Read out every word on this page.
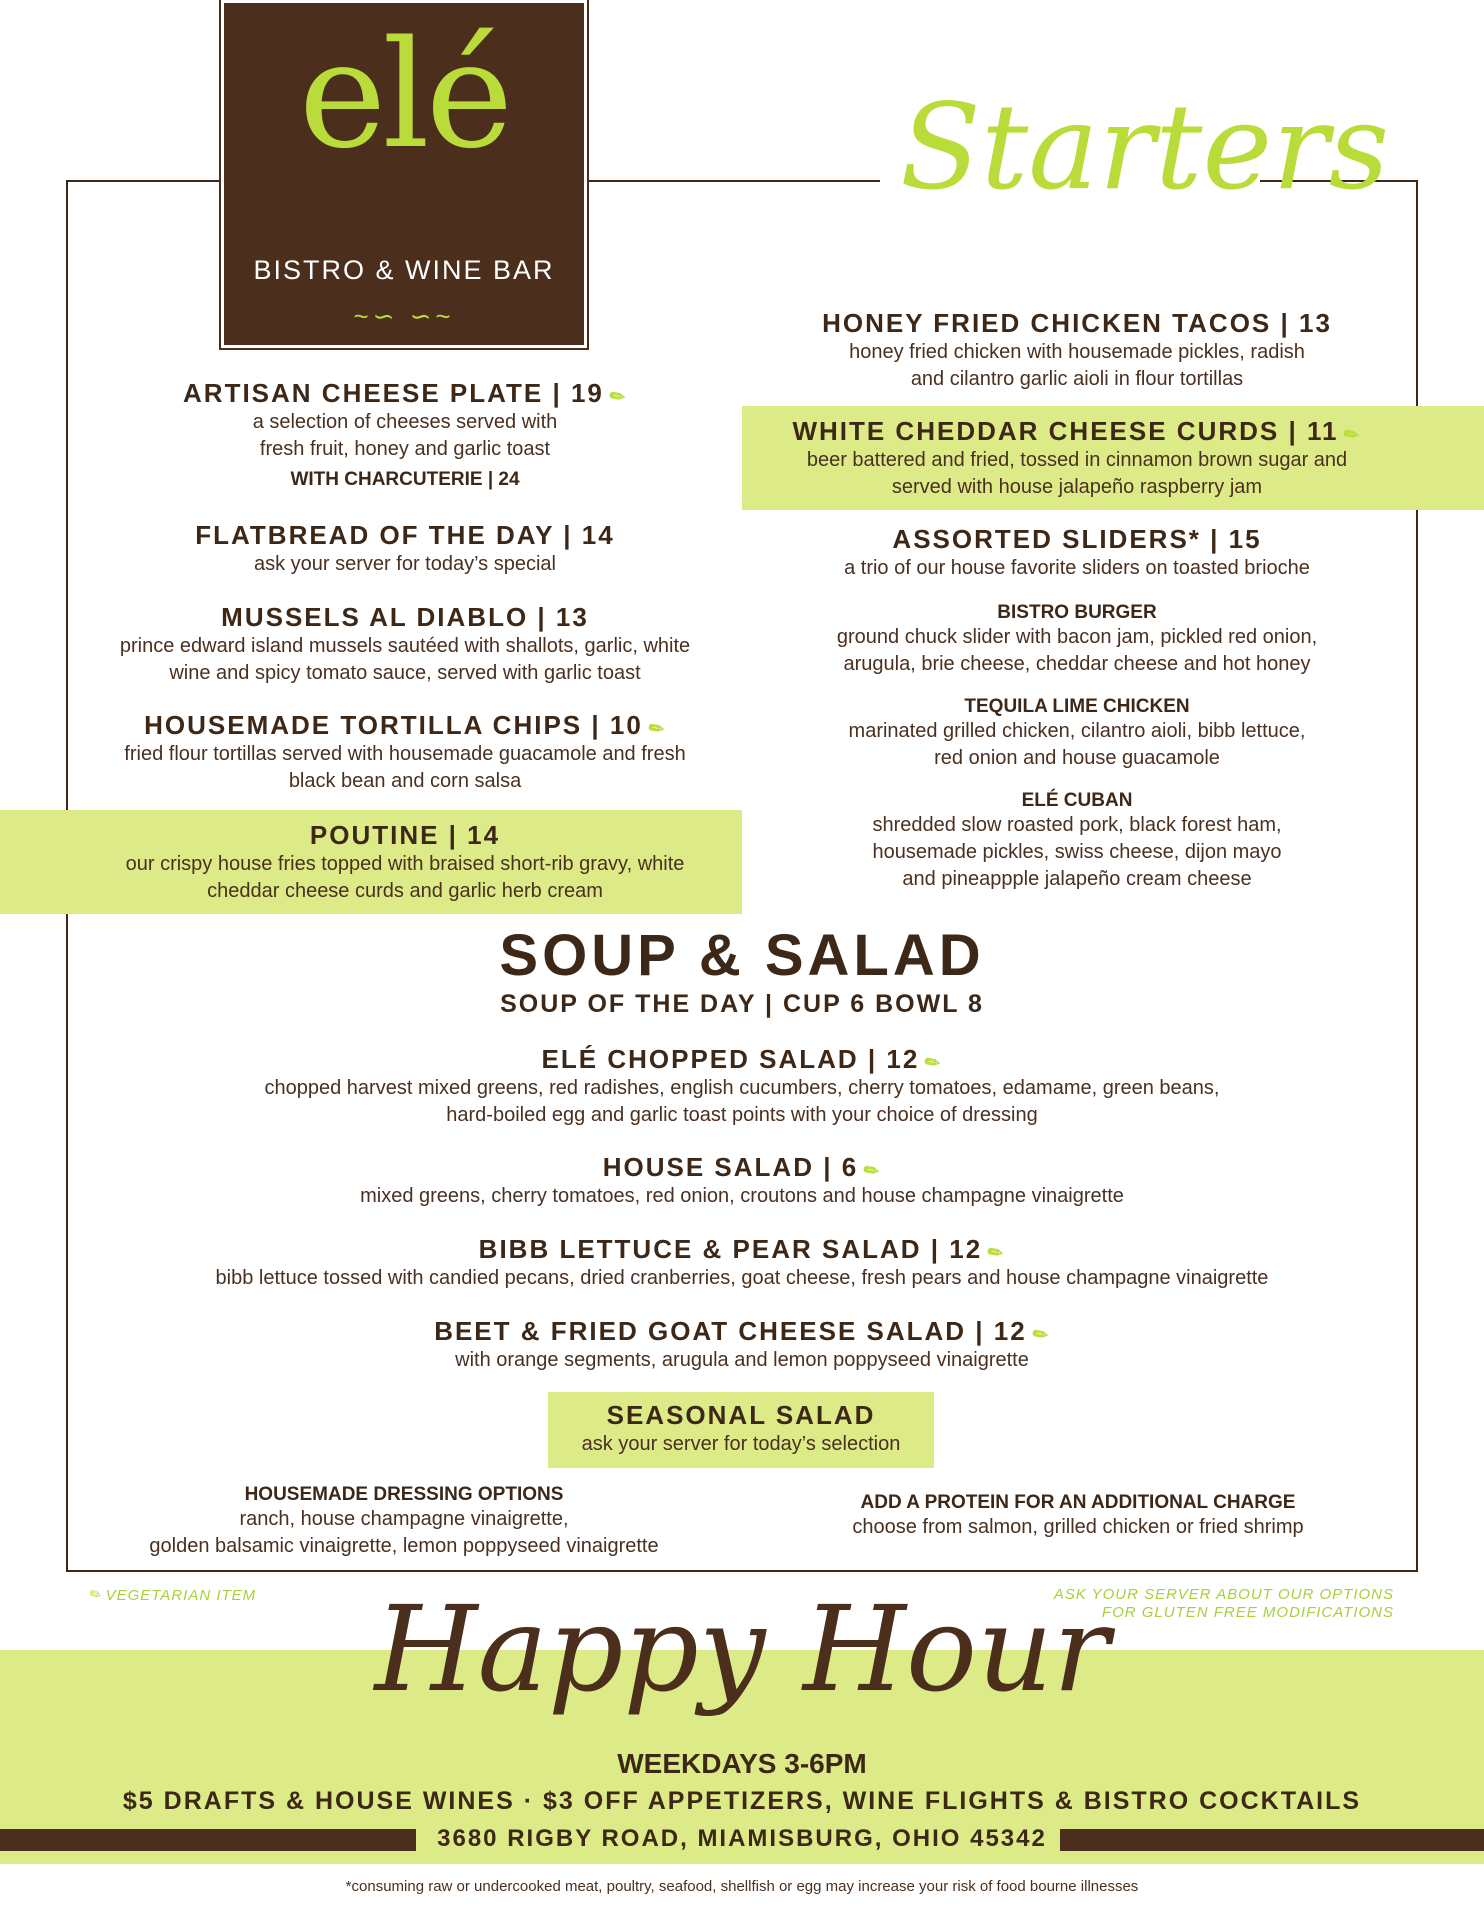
elé
BISTRO & WINE BAR
~∽ ∽~
Starters
ARTISAN CHEESE PLATE | 19✎
a selection of cheeses served with
fresh fruit, honey and garlic toast
WITH CHARCUTERIE | 24
FLATBREAD OF THE DAY | 14
ask your server for today’s special
MUSSELS AL DIABLO | 13
prince edward island mussels sautéed with shallots, garlic, white
wine and spicy tomato sauce, served with garlic toast
HOUSEMADE TORTILLA CHIPS | 10✎
fried flour tortillas served with housemade guacamole and fresh
black bean and corn salsa
POUTINE | 14
our crispy house fries topped with braised short-rib gravy, white
cheddar cheese curds and garlic herb cream
HONEY FRIED CHICKEN TACOS | 13
honey fried chicken with housemade pickles, radish
and cilantro garlic aioli in flour tortillas
WHITE CHEDDAR CHEESE CURDS | 11✎
beer battered and fried, tossed in cinnamon brown sugar and
served with house jalapeño raspberry jam
ASSORTED SLIDERS* | 15
a trio of our house favorite sliders on toasted brioche
BISTRO BURGER
ground chuck slider with bacon jam, pickled red onion,
arugula, brie cheese, cheddar cheese and hot honey
TEQUILA LIME CHICKEN
marinated grilled chicken, cilantro aioli, bibb lettuce,
red onion and house guacamole
ELÉ CUBAN
shredded slow roasted pork, black forest ham,
housemade pickles, swiss cheese, dijon mayo
and pineappple jalapeño cream cheese
SOUP & SALAD
SOUP OF THE DAY | CUP 6 BOWL 8
ELÉ CHOPPED SALAD | 12✎
chopped harvest mixed greens, red radishes, english cucumbers, cherry tomatoes, edamame, green beans,
hard-boiled egg and garlic toast points with your choice of dressing
HOUSE SALAD | 6✎
mixed greens, cherry tomatoes, red onion, croutons and house champagne vinaigrette
BIBB LETTUCE & PEAR SALAD | 12✎
bibb lettuce tossed with candied pecans, dried cranberries, goat cheese, fresh pears and house champagne vinaigrette
BEET & FRIED GOAT CHEESE SALAD | 12✎
with orange segments, arugula and lemon poppyseed vinaigrette
SEASONAL SALAD
ask your server for today’s selection
HOUSEMADE DRESSING OPTIONS
ranch, house champagne vinaigrette,
golden balsamic vinaigrette, lemon poppyseed vinaigrette
ADD A PROTEIN FOR AN ADDITIONAL CHARGE
choose from salmon, grilled chicken or fried shrimp
✎VEGETARIAN ITEM	ASK YOUR SERVER ABOUT OUR OPTIONS
FOR GLUTEN FREE MODIFICATIONS
Happy Hour
WEEKDAYS 3-6PM
$5 DRAFTS & HOUSE WINES · $3 OFF APPETIZERS, WINE FLIGHTS & BISTRO COCKTAILS
3680 RIGBY ROAD, MIAMISBURG, OHIO 45342
*consuming raw or undercooked meat, poultry, seafood, shellfish or egg may increase your risk of food bourne illnesses
